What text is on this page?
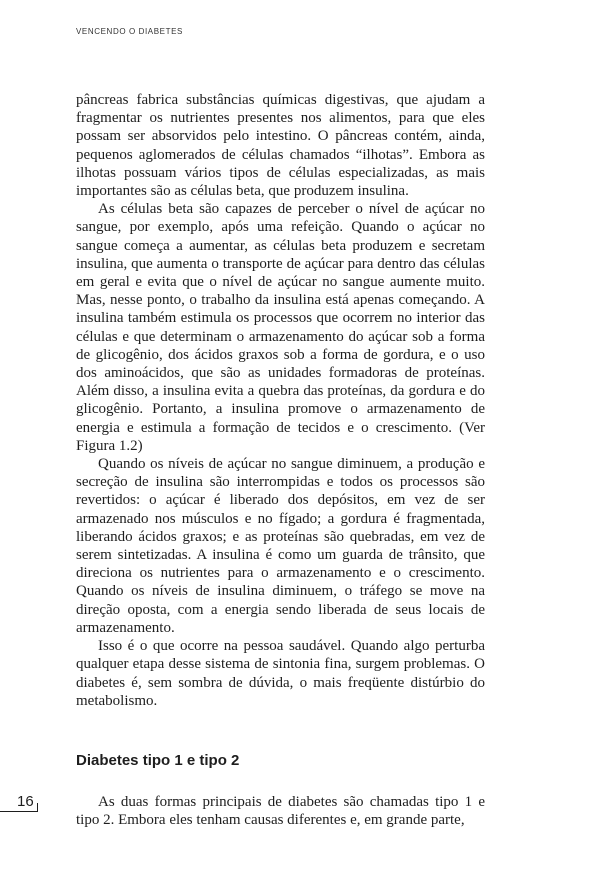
VENCENDO O DIABETES

pâncreas fabrica substâncias químicas digestivas, que ajudam a fragmentar os nutrientes presentes nos alimentos, para que eles possam ser absorvidos pelo intestino. O pâncreas contém, ainda, pequenos aglomerados de células chamados “ilhotas”. Embora as ilhotas possuam vários tipos de células especializadas, as mais importantes são as células beta, que produzem insulina.

As células beta são capazes de perceber o nível de açúcar no sangue, por exemplo, após uma refeição. Quando o açúcar no sangue começa a aumentar, as células beta produzem e secretam insulina, que aumenta o transporte de açúcar para dentro das células em geral e evita que o nível de açúcar no sangue aumente muito. Mas, nesse ponto, o trabalho da insulina está apenas começando. A insulina também estimula os processos que ocorrem no interior das células e que determinam o armazenamento do açúcar sob a forma de glicogênio, dos ácidos graxos sob a forma de gordura, e o uso dos aminoácidos, que são as unidades formadoras de proteínas. Além disso, a insulina evita a quebra das proteínas, da gordura e do glicogênio. Portanto, a insulina promove o armazenamento de energia e estimula a formação de tecidos e o crescimento. (Ver Figura 1.2)

Quando os níveis de açúcar no sangue diminuem, a produção e secreção de insulina são interrompidas e todos os processos são revertidos: o açúcar é liberado dos depósitos, em vez de ser armazenado nos músculos e no fígado; a gordura é fragmentada, liberando ácidos graxos; e as proteínas são quebradas, em vez de serem sintetizadas. A insulina é como um guarda de trânsito, que direciona os nutrientes para o armazenamento e o crescimento. Quando os níveis de insulina diminuem, o tráfego se move na direção oposta, com a energia sendo liberada de seus locais de armazenamento.

Isso é o que ocorre na pessoa saudável. Quando algo perturba qualquer etapa desse sistema de sintonia fina, surgem problemas. O diabetes é, sem sombra de dúvida, o mais freqüente distúrbio do metabolismo.

Diabetes tipo 1 e tipo 2

As duas formas principais de diabetes são chamadas tipo 1 e tipo 2. Embora eles tenham causas diferentes e, em grande parte,

16
